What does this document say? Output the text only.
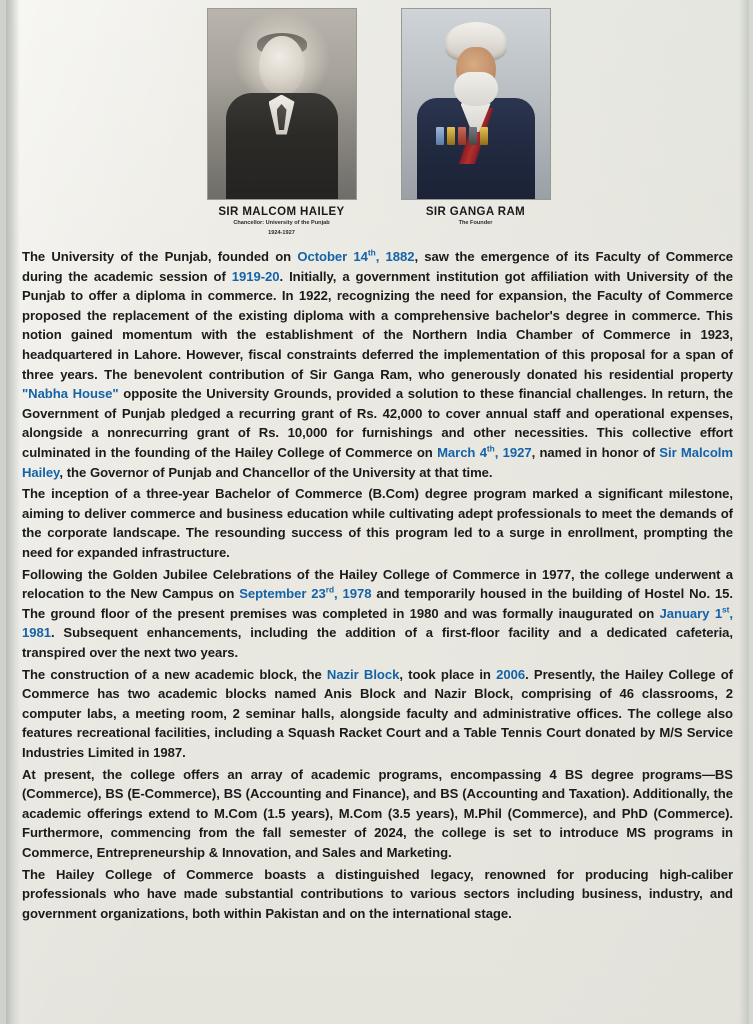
SIR MALCOM HAILEY
Chancellor: University of the Punjab
1924-1927
SIR GANGA RAM
The Founder

The University of the Punjab, founded on October 14th, 1882, saw the emergence of its Faculty of Commerce during the academic session of 1919-20. Initially, a government institution got affiliation with University of the Punjab to offer a diploma in commerce. In 1922, recognizing the need for expansion, the Faculty of Commerce proposed the replacement of the existing diploma with a comprehensive bachelor's degree in commerce. This notion gained momentum with the establishment of the Northern India Chamber of Commerce in 1923, headquartered in Lahore. However, fiscal constraints deferred the implementation of this proposal for a span of three years. The benevolent contribution of Sir Ganga Ram, who generously donated his residential property "Nabha House" opposite the University Grounds, provided a solution to these financial challenges. In return, the Government of Punjab pledged a recurring grant of Rs. 42,000 to cover annual staff and operational expenses, alongside a nonrecurring grant of Rs. 10,000 for furnishings and other necessities. This collective effort culminated in the founding of the Hailey College of Commerce on March 4th, 1927, named in honor of Sir Malcolm Hailey, the Governor of Punjab and Chancellor of the University at that time.

The inception of a three-year Bachelor of Commerce (B.Com) degree program marked a significant milestone, aiming to deliver commerce and business education while cultivating adept professionals to meet the demands of the corporate landscape. The resounding success of this program led to a surge in enrollment, prompting the need for expanded infrastructure.

Following the Golden Jubilee Celebrations of the Hailey College of Commerce in 1977, the college underwent a relocation to the New Campus on September 23rd, 1978 and temporarily housed in the building of Hostel No. 15. The ground floor of the present premises was completed in 1980 and was formally inaugurated on January 1st, 1981. Subsequent enhancements, including the addition of a first-floor facility and a dedicated cafeteria, transpired over the next two years.

The construction of a new academic block, the Nazir Block, took place in 2006. Presently, the Hailey College of Commerce has two academic blocks named Anis Block and Nazir Block, comprising of 46 classrooms, 2 computer labs, a meeting room, 2 seminar halls, alongside faculty and administrative offices. The college also features recreational facilities, including a Squash Racket Court and a Table Tennis Court donated by M/S Service Industries Limited in 1987.

At present, the college offers an array of academic programs, encompassing 4 BS degree programs—BS (Commerce), BS (E-Commerce), BS (Accounting and Finance), and BS (Accounting and Taxation). Additionally, the academic offerings extend to M.Com (1.5 years), M.Com (3.5 years), M.Phil (Commerce), and PhD (Commerce). Furthermore, commencing from the fall semester of 2024, the college is set to introduce MS programs in Commerce, Entrepreneurship & Innovation, and Sales and Marketing.

The Hailey College of Commerce boasts a distinguished legacy, renowned for producing high-caliber professionals who have made substantial contributions to various sectors including business, industry, and government organizations, both within Pakistan and on the international stage.
